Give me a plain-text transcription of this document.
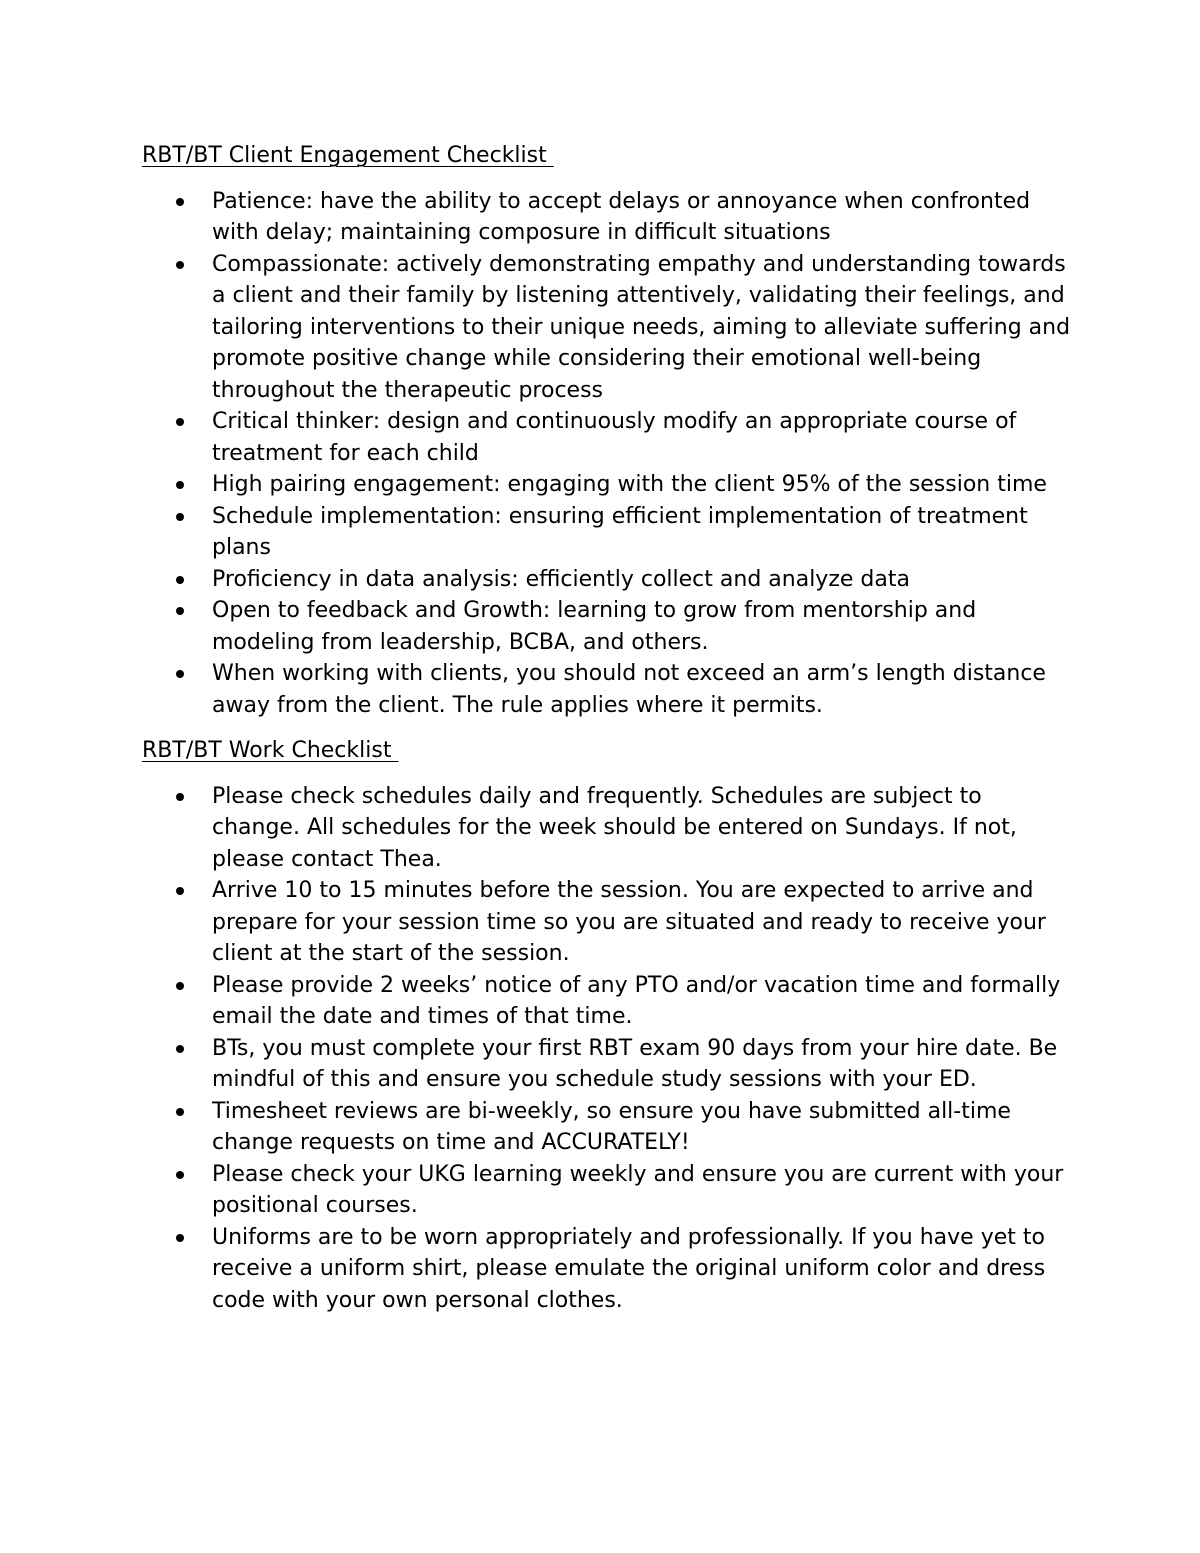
RBT/BT Client Engagement Checklist
Patience: have the ability to accept delays or annoyance when confronted with delay; maintaining composure in difficult situations
Compassionate: actively demonstrating empathy and understanding towards a client and their family by listening attentively, validating their feelings, and tailoring interventions to their unique needs, aiming to alleviate suffering and promote positive change while considering their emotional well-being throughout the therapeutic process
Critical thinker: design and continuously modify an appropriate course of treatment for each child
High pairing engagement: engaging with the client 95% of the session time
Schedule implementation: ensuring efficient implementation of treatment plans
Proficiency in data analysis: efficiently collect and analyze data
Open to feedback and Growth: learning to grow from mentorship and modeling from leadership, BCBA, and others.
When working with clients, you should not exceed an arm’s length distance away from the client. The rule applies where it permits.
RBT/BT Work Checklist
Please check schedules daily and frequently. Schedules are subject to change. All schedules for the week should be entered on Sundays. If not, please contact Thea.
Arrive 10 to 15 minutes before the session. You are expected to arrive and prepare for your session time so you are situated and ready to receive your client at the start of the session.
Please provide 2 weeks’ notice of any PTO and/or vacation time and formally email the date and times of that time.
BTs, you must complete your first RBT exam 90 days from your hire date. Be mindful of this and ensure you schedule study sessions with your ED.
Timesheet reviews are bi-weekly, so ensure you have submitted all-time change requests on time and ACCURATELY!
Please check your UKG learning weekly and ensure you are current with your positional courses.
Uniforms are to be worn appropriately and professionally. If you have yet to receive a uniform shirt, please emulate the original uniform color and dress code with your own personal clothes.
